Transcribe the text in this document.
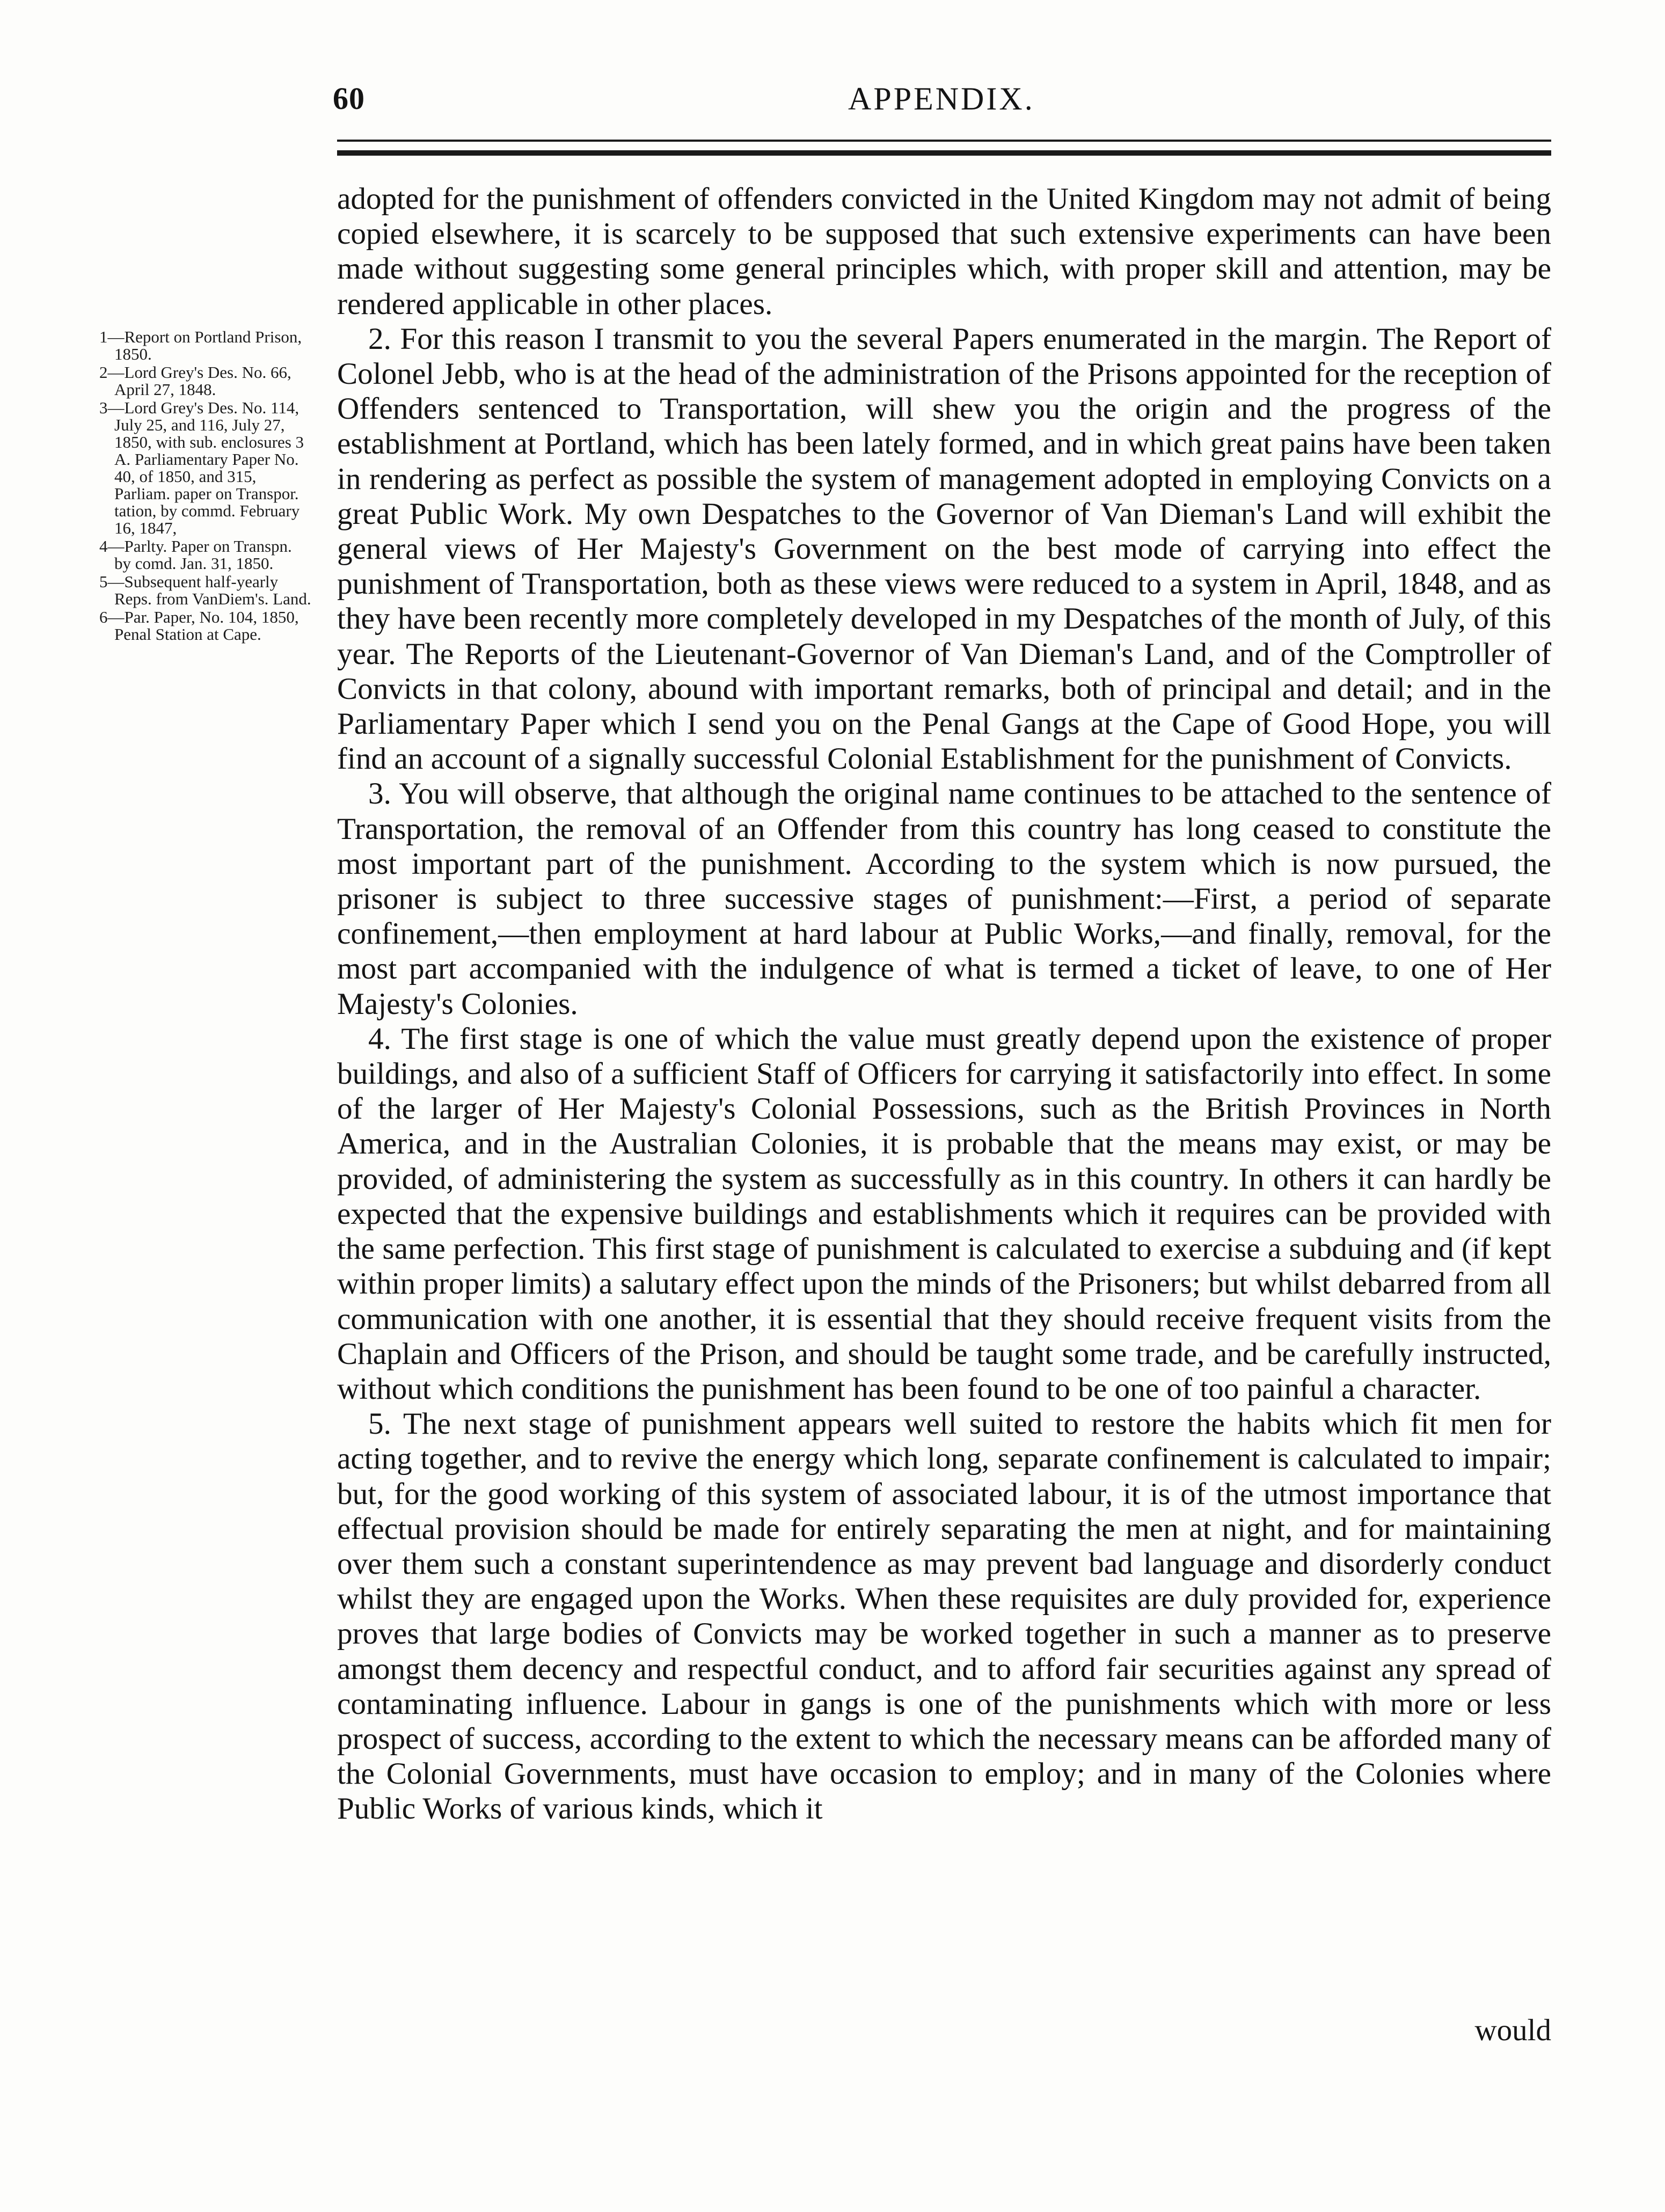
60	APPENDIX.

1—Report on Portland Prison, 1850.

2—Lord Grey's Des. No. 66, April 27, 1848.

3—Lord Grey's Des. No. 114, July 25, and 116, July 27, 1850, with sub. enclosures 3 A. Parliamentary Paper No. 40, of 1850, and 315, Parliam. paper on Transpor. tation, by commd. February 16, 1847,

4—Parlty. Paper on Transpn. by comd. Jan. 31, 1850.

5—Subsequent half-yearly Reps. from VanDiem's. Land.

6—Par. Paper, No. 104, 1850, Penal Station at Cape.

adopted for the punishment of offenders convicted in the United Kingdom may not admit of being copied elsewhere, it is scarcely to be supposed that such extensive experiments can have been made without suggesting some general principles which, with proper skill and attention, may be rendered applicable in other places.

2. For this reason I transmit to you the several Papers enumerated in the margin. The Report of Colonel Jebb, who is at the head of the administration of the Prisons appointed for the reception of Offenders sentenced to Transportation, will shew you the origin and the progress of the establishment at Portland, which has been lately formed, and in which great pains have been taken in rendering as perfect as possible the system of management adopted in employing Convicts on a great Public Work. My own Despatches to the Governor of Van Dieman's Land will exhibit the general views of Her Majesty's Government on the best mode of carrying into effect the punishment of Transportation, both as these views were reduced to a system in April, 1848, and as they have been recently more completely developed in my Despatches of the month of July, of this year. The Reports of the Lieutenant-Governor of Van Dieman's Land, and of the Comptroller of Convicts in that colony, abound with important remarks, both of principal and detail; and in the Parliamentary Paper which I send you on the Penal Gangs at the Cape of Good Hope, you will find an account of a signally successful Colonial Establishment for the punishment of Convicts.

3. You will observe, that although the original name continues to be attached to the sentence of Transportation, the removal of an Offender from this country has long ceased to constitute the most important part of the punishment. According to the system which is now pursued, the prisoner is subject to three successive stages of punishment:—First, a period of separate confinement,—then employment at hard labour at Public Works,—and finally, removal, for the most part accompanied with the indulgence of what is termed a ticket of leave, to one of Her Majesty's Colonies.

4. The first stage is one of which the value must greatly depend upon the existence of proper buildings, and also of a sufficient Staff of Officers for carrying it satisfactorily into effect. In some of the larger of Her Majesty's Colonial Possessions, such as the British Provinces in North America, and in the Australian Colonies, it is probable that the means may exist, or may be provided, of administering the system as successfully as in this country. In others it can hardly be expected that the expensive buildings and establishments which it requires can be provided with the same perfection. This first stage of punishment is calculated to exercise a subduing and (if kept within proper limits) a salutary effect upon the minds of the Prisoners; but whilst debarred from all communication with one another, it is essential that they should receive frequent visits from the Chaplain and Officers of the Prison, and should be taught some trade, and be carefully instructed, without which conditions the punishment has been found to be one of too painful a character.

5. The next stage of punishment appears well suited to restore the habits which fit men for acting together, and to revive the energy which long, separate confinement is calculated to impair; but, for the good working of this system of associated labour, it is of the utmost importance that effectual provision should be made for entirely separating the men at night, and for maintaining over them such a constant superintendence as may prevent bad language and disorderly conduct whilst they are engaged upon the Works. When these requisites are duly provided for, experience proves that large bodies of Convicts may be worked together in such a manner as to preserve amongst them decency and respectful conduct, and to afford fair securities against any spread of contaminating influence. Labour in gangs is one of the punishments which with more or less prospect of success, according to the extent to which the necessary means can be afforded many of the Colonial Governments, must have occasion to employ; and in many of the Colonies where Public Works of various kinds, which it

would
